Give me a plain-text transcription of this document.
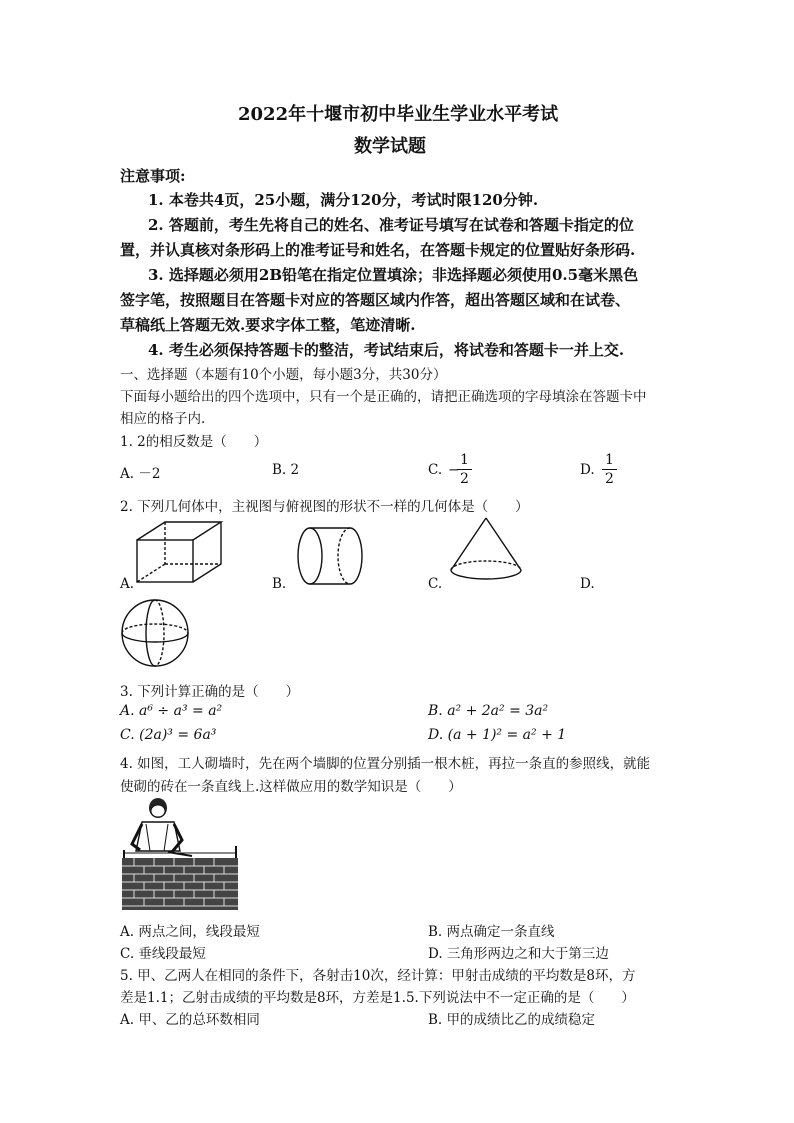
2022年十堰市初中毕业生学业水平考试
数学试题
注意事项:
1. 本卷共4页，25小题，满分120分，考试时限120分钟.
2. 答题前，考生先将自己的姓名、准考证号填写在试卷和答题卡指定的位
置，并认真核对条形码上的准考证号和姓名，在答题卡规定的位置贴好条形码.
3. 选择题必须用2B铅笔在指定位置填涂；非选择题必须使用0.5毫米黑色
签字笔，按照题目在答题卡对应的答题区域内作答，超出答题区域和在试卷、
草稿纸上答题无效.要求字体工整，笔迹清晰.
4. 考生必须保持答题卡的整洁，考试结束后，将试卷和答题卡一并上交.
一、选择题（本题有10个小题，每小题3分，共30分）
下面每小题给出的四个选项中，只有一个是正确的，请把正确选项的字母填涂在答题卡中
相应的格子内.
1. 2的相反数是（　　）
A. －2	B. 2	C. −
$\frac{1}{2}$	D. $\frac{1}{2}$
2. 下列几何体中，主视图与俯视图的形状不一样的几何体是（　　）
A.	B.	C.	D.
3. 下列计算正确的是（　　）
A. a⁶ ÷ a³ = a²	B. a² + 2a² = 3a²
C. (2a)³ = 6a³	D. (a + 1)² = a² + 1
4. 如图，工人砌墙时，先在两个墙脚的位置分别插一根木桩，再拉一条直的参照线，就能
使砌的砖在一条直线上.这样做应用的数学知识是（　　）
A. 两点之间，线段最短	B. 两点确定一条直线
C. 垂线段最短	D. 三角形两边之和大于第三边
5. 甲、乙两人在相同的条件下，各射击10次，经计算：甲射击成绩的平均数是8环，方
差是1.1；乙射击成绩的平均数是8环，方差是1.5.下列说法中不一定正确的是（　　）
A. 甲、乙的总环数相同	B. 甲的成绩比乙的成绩稳定
